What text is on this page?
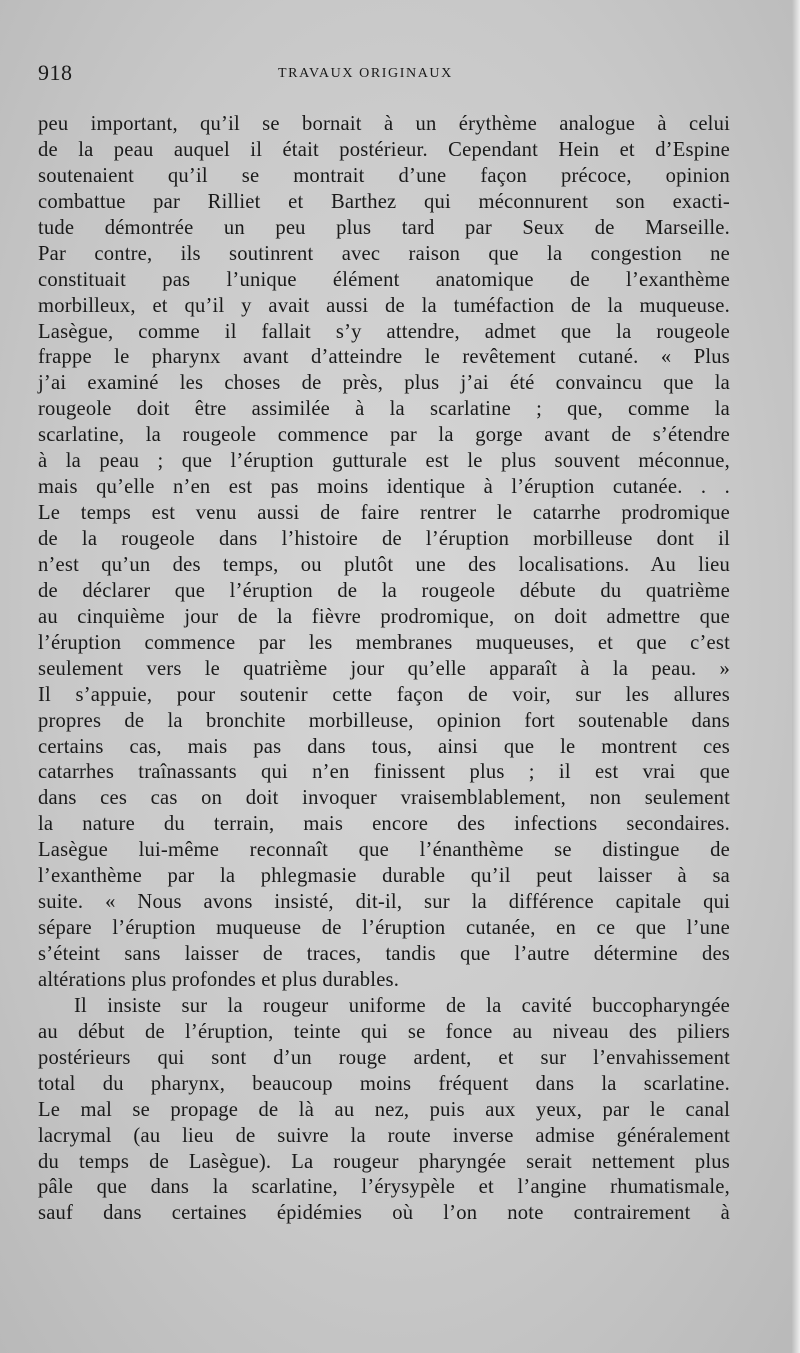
918	TRAVAUX ORIGINAUX
peu important, qu’il se bornait à un érythème analogue à celui
de la peau auquel il était postérieur. Cependant Hein et d’Espine
soutenaient qu’il se montrait d’une façon précoce, opinion
combattue par Rilliet et Barthez qui méconnurent son exacti-
tude démontrée un peu plus tard par Seux de Marseille.
Par contre, ils soutinrent avec raison que la congestion ne
constituait pas l’unique élément anatomique de l’exanthème
morbilleux, et qu’il y avait aussi de la tuméfaction de la muqueuse.
Lasègue, comme il fallait s’y attendre, admet que la rougeole
frappe le pharynx avant d’atteindre le revêtement cutané. « Plus
j’ai examiné les choses de près, plus j’ai été convaincu que la
rougeole doit être assimilée à la scarlatine ; que, comme la
scarlatine, la rougeole commence par la gorge avant de s’étendre
à la peau ; que l’éruption gutturale est le plus souvent méconnue,
mais qu’elle n’en est pas moins identique à l’éruption cutanée. . .
Le temps est venu aussi de faire rentrer le catarrhe prodromique
de la rougeole dans l’histoire de l’éruption morbilleuse dont il
n’est qu’un des temps, ou plutôt une des localisations. Au lieu
de déclarer que l’éruption de la rougeole débute du quatrième
au cinquième jour de la fièvre prodromique, on doit admettre que
l’éruption commence par les membranes muqueuses, et que c’est
seulement vers le quatrième jour qu’elle apparaît à la peau. »
Il s’appuie, pour soutenir cette façon de voir, sur les allures
propres de la bronchite morbilleuse, opinion fort soutenable dans
certains cas, mais pas dans tous, ainsi que le montrent ces
catarrhes traînassants qui n’en finissent plus ; il est vrai que
dans ces cas on doit invoquer vraisemblablement, non seulement
la nature du terrain, mais encore des infections secondaires.
Lasègue lui-même reconnaît que l’énanthème se distingue de
l’exanthème par la phlegmasie durable qu’il peut laisser à sa
suite. « Nous avons insisté, dit-il, sur la différence capitale qui
sépare l’éruption muqueuse de l’éruption cutanée, en ce que l’une
s’éteint sans laisser de traces, tandis que l’autre détermine des
altérations plus profondes et plus durables.
Il insiste sur la rougeur uniforme de la cavité buccopharyngée
au début de l’éruption, teinte qui se fonce au niveau des piliers
postérieurs qui sont d’un rouge ardent, et sur l’envahissement
total du pharynx, beaucoup moins fréquent dans la scarlatine.
Le mal se propage de là au nez, puis aux yeux, par le canal
lacrymal (au lieu de suivre la route inverse admise généralement
du temps de Lasègue). La rougeur pharyngée serait nettement plus
pâle que dans la scarlatine, l’érysypèle et l’angine rhumatismale,
sauf dans certaines épidémies où l’on note contrairement à
